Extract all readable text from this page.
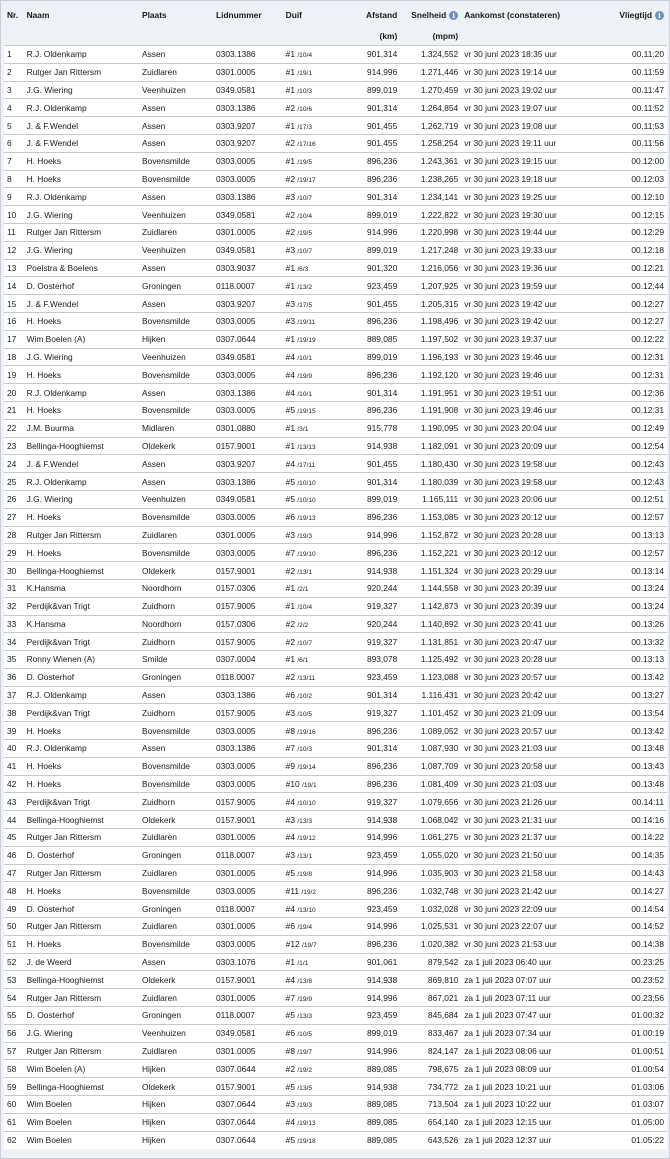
Nr.	Naam	Plaats	Lidnummer	Duif	Afstand	Snelheid i	Aankomst (constateren)	Vliegtijd i
					(km)	(mpm)		
1	R.J. Oldenkamp	Assen	0303.1386	#1 /10/4	901,314	1.324,552	vr 30 juni 2023 18:35 uur	00.11:20
2	Rutger Jan Rittersm	Zuidlaren	0301.0005	#1 /19/1	914,996	1.271,446	vr 30 juni 2023 19:14 uur	00.11:59
3	J.G. Wiering	Veenhuizen	0349.0581	#1 /10/3	899,019	1.270,459	vr 30 juni 2023 19:02 uur	00.11:47
4	R.J. Oldenkamp	Assen	0303.1386	#2 /10/6	901,314	1.264,854	vr 30 juni 2023 19:07 uur	00.11:52
5	J. & F.Wendel	Assen	0303.9207	#1 /17/3	901,455	1.262,719	vr 30 juni 2023 19:08 uur	00.11:53
6	J. & F.Wendel	Assen	0303.9207	#2 /17/16	901,455	1.258,254	vr 30 juni 2023 19:11 uur	00.11:56
7	H. Hoeks	Bovensmilde	0303.0005	#1 /19/5	896,236	1.243,361	vr 30 juni 2023 19:15 uur	00.12:00
8	H. Hoeks	Bovensmilde	0303.0005	#2 /19/17	896,236	1.238,265	vr 30 juni 2023 19:18 uur	00.12:03
9	R.J. Oldenkamp	Assen	0303.1386	#3 /10/7	901,314	1.234,141	vr 30 juni 2023 19:25 uur	00.12:10
10	J.G. Wiering	Veenhuizen	0349.0581	#2 /10/4	899,019	1.222,822	vr 30 juni 2023 19:30 uur	00.12:15
11	Rutger Jan Rittersm	Zuidlaren	0301.0005	#2 /19/5	914,996	1.220,998	vr 30 juni 2023 19:44 uur	00.12:29
12	J.G. Wiering	Veenhuizen	0349.0581	#3 /10/7	899,019	1.217,248	vr 30 juni 2023 19:33 uur	00.12:18
13	Poelstra & Boelens	Assen	0303.9037	#1 /6/3	901,320	1.216,056	vr 30 juni 2023 19:36 uur	00.12:21
14	D. Oosterhof	Groningen	0118.0007	#1 /13/2	923,459	1.207,925	vr 30 juni 2023 19:59 uur	00.12:44
15	J. & F.Wendel	Assen	0303.9207	#3 /17/5	901,455	1.205,315	vr 30 juni 2023 19:42 uur	00.12:27
16	H. Hoeks	Bovensmilde	0303.0005	#3 /19/11	896,236	1.198,496	vr 30 juni 2023 19:42 uur	00.12:27
17	Wim Boelen (A)	Hijken	0307.0644	#1 /19/19	889,085	1.197,502	vr 30 juni 2023 19:37 uur	00.12:22
18	J.G. Wiering	Veenhuizen	0349.0581	#4 /10/1	899,019	1.196,193	vr 30 juni 2023 19:46 uur	00.12:31
19	H. Hoeks	Bovensmilde	0303.0005	#4 /19/9	896,236	1.192,120	vr 30 juni 2023 19:46 uur	00.12:31
20	R.J. Oldenkamp	Assen	0303.1386	#4 /10/1	901,314	1.191,951	vr 30 juni 2023 19:51 uur	00.12:36
21	H. Hoeks	Bovensmilde	0303.0005	#5 /19/15	896,236	1.191,908	vr 30 juni 2023 19:46 uur	00.12:31
22	J.M. Buurma	Midlaren	0301.0880	#1 /3/1	915,778	1.190,095	vr 30 juni 2023 20:04 uur	00.12:49
23	Bellinga-Hooghiemst	Oldekerk	0157.9001	#1 /13/13	914,938	1.182,091	vr 30 juni 2023 20:09 uur	00.12:54
24	J. & F.Wendel	Assen	0303.9207	#4 /17/11	901,455	1.180,430	vr 30 juni 2023 19:58 uur	00.12:43
25	R.J. Oldenkamp	Assen	0303.1386	#5 /10/10	901,314	1.180,039	vr 30 juni 2023 19:58 uur	00.12:43
26	J.G. Wiering	Veenhuizen	0349.0581	#5 /10/10	899,019	1.165,111	vr 30 juni 2023 20:06 uur	00.12:51
27	H. Hoeks	Bovensmilde	0303.0005	#6 /19/13	896,236	1.153,085	vr 30 juni 2023 20:12 uur	00.12:57
28	Rutger Jan Rittersm	Zuidlaren	0301.0005	#3 /19/3	914,996	1.152,872	vr 30 juni 2023 20:28 uur	00.13:13
29	H. Hoeks	Bovensmilde	0303.0005	#7 /19/10	896,236	1.152,221	vr 30 juni 2023 20:12 uur	00.12:57
30	Bellinga-Hooghiemst	Oldekerk	0157.9001	#2 /13/1	914,938	1.151,324	vr 30 juni 2023 20:29 uur	00.13:14
31	K.Hansma	Noordhorn	0157.0306	#1 /2/1	920,244	1.144,558	vr 30 juni 2023 20:39 uur	00.13:24
32	Perdijk&van Trigt	Zuidhorn	0157.9005	#1 /10/4	919,327	1.142,873	vr 30 juni 2023 20:39 uur	00.13:24
33	K.Hansma	Noordhorn	0157.0306	#2 /2/2	920,244	1.140,892	vr 30 juni 2023 20:41 uur	00.13:26
34	Perdijk&van Trigt	Zuidhorn	0157.9005	#2 /10/7	919,327	1.131,851	vr 30 juni 2023 20:47 uur	00.13:32
35	Ronny Wienen (A)	Smilde	0307.0004	#1 /6/1	893,078	1.125,492	vr 30 juni 2023 20:28 uur	00.13:13
36	D. Oosterhof	Groningen	0118.0007	#2 /13/11	923,459	1.123,088	vr 30 juni 2023 20:57 uur	00.13:42
37	R.J. Oldenkamp	Assen	0303.1386	#6 /10/2	901,314	1.116,431	vr 30 juni 2023 20:42 uur	00.13:27
38	Perdijk&van Trigt	Zuidhorn	0157.9005	#3 /10/5	919,327	1.101,452	vr 30 juni 2023 21:09 uur	00.13:54
39	H. Hoeks	Bovensmilde	0303.0005	#8 /19/16	896,236	1.089,052	vr 30 juni 2023 20:57 uur	00.13:42
40	R.J. Oldenkamp	Assen	0303.1386	#7 /10/3	901,314	1.087,930	vr 30 juni 2023 21:03 uur	00.13:48
41	H. Hoeks	Bovensmilde	0303.0005	#9 /19/14	896,236	1.087,709	vr 30 juni 2023 20:58 uur	00.13:43
42	H. Hoeks	Bovensmilde	0303.0005	#10 /19/1	896,236	1.081,409	vr 30 juni 2023 21:03 uur	00.13:48
43	Perdijk&van Trigt	Zuidhorn	0157.9005	#4 /10/10	919,327	1.079,656	vr 30 juni 2023 21:26 uur	00.14:11
44	Bellinga-Hooghiemst	Oldekerk	0157.9001	#3 /13/3	914,938	1.068,042	vr 30 juni 2023 21:31 uur	00.14:16
45	Rutger Jan Rittersm	Zuidlaren	0301.0005	#4 /19/12	914,996	1.061,275	vr 30 juni 2023 21:37 uur	00.14:22
46	D. Oosterhof	Groningen	0118.0007	#3 /13/1	923,459	1.055,020	vr 30 juni 2023 21:50 uur	00.14:35
47	Rutger Jan Rittersm	Zuidlaren	0301.0005	#5 /19/8	914,996	1.035,903	vr 30 juni 2023 21:58 uur	00.14:43
48	H. Hoeks	Bovensmilde	0303.0005	#11 /19/2	896,236	1.032,748	vr 30 juni 2023 21:42 uur	00.14:27
49	D. Oosterhof	Groningen	0118.0007	#4 /13/10	923,459	1.032,028	vr 30 juni 2023 22:09 uur	00.14:54
50	Rutger Jan Rittersm	Zuidlaren	0301.0005	#6 /19/4	914,996	1.025,531	vr 30 juni 2023 22:07 uur	00.14:52
51	H. Hoeks	Bovensmilde	0303.0005	#12 /19/7	896,236	1.020,382	vr 30 juni 2023 21:53 uur	00.14:38
52	J. de Weerd	Assen	0303.1076	#1 /1/1	901,061	879,542	za 1 juli 2023 06:40 uur	00.23:25
53	Bellinga-Hooghiemst	Oldekerk	0157.9001	#4 /13/8	914,938	869,810	za 1 juli 2023 07:07 uur	00.23:52
54	Rutger Jan Rittersm	Zuidlaren	0301.0005	#7 /19/9	914,996	867,021	za 1 juli 2023 07:11 uur	00.23:56
55	D. Oosterhof	Groningen	0118.0007	#5 /13/3	923,459	845,684	za 1 juli 2023 07:47 uur	01.00:32
56	J.G. Wiering	Veenhuizen	0349.0581	#6 /10/5	899,019	833,467	za 1 juli 2023 07:34 uur	01.00:19
57	Rutger Jan Rittersm	Zuidlaren	0301.0005	#8 /19/7	914,996	824,147	za 1 juli 2023 08:06 uur	01.00:51
58	Wim Boelen (A)	Hijken	0307.0644	#2 /19/2	889,085	798,675	za 1 juli 2023 08:09 uur	01.00:54
59	Bellinga-Hooghiemst	Oldekerk	0157.9001	#5 /13/5	914,938	734,772	za 1 juli 2023 10:21 uur	01.03:06
60	Wim Boelen	Hijken	0307.0644	#3 /19/3	889,085	713,504	za 1 juli 2023 10:22 uur	01.03:07
61	Wim Boelen	Hijken	0307.0644	#4 /19/13	889,085	654,140	za 1 juli 2023 12:15 uur	01.05:00
62	Wim Boelen	Hijken	0307.0644	#5 /19/18	889,085	643,526	za 1 juli 2023 12:37 uur	01.05:22
